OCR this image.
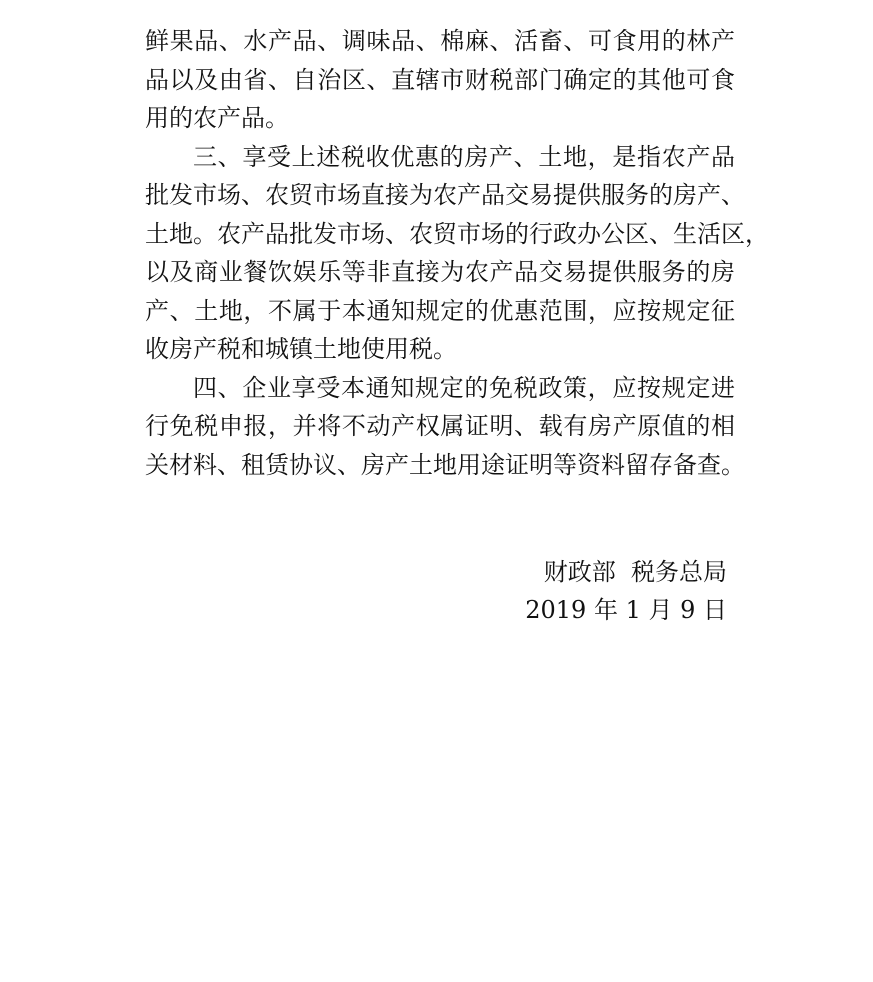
鲜果品、水产品、调味品、棉麻、活畜、可食用的林产
品以及由省、自治区、直辖市财税部门确定的其他可食
用的农产品。
三、享受上述税收优惠的房产、土地，是指农产品
批发市场、农贸市场直接为农产品交易提供服务的房产、
土地。农产品批发市场、农贸市场的行政办公区、生活区，
以及商业餐饮娱乐等非直接为农产品交易提供服务的房
产、土地，不属于本通知规定的优惠范围，应按规定征
收房产税和城镇土地使用税。
四、企业享受本通知规定的免税政策，应按规定进
行免税申报，并将不动产权属证明、载有房产原值的相
关材料、租赁协议、房产土地用途证明等资料留存备查。
财政部  税务总局
2019 年 1 月 9 日
